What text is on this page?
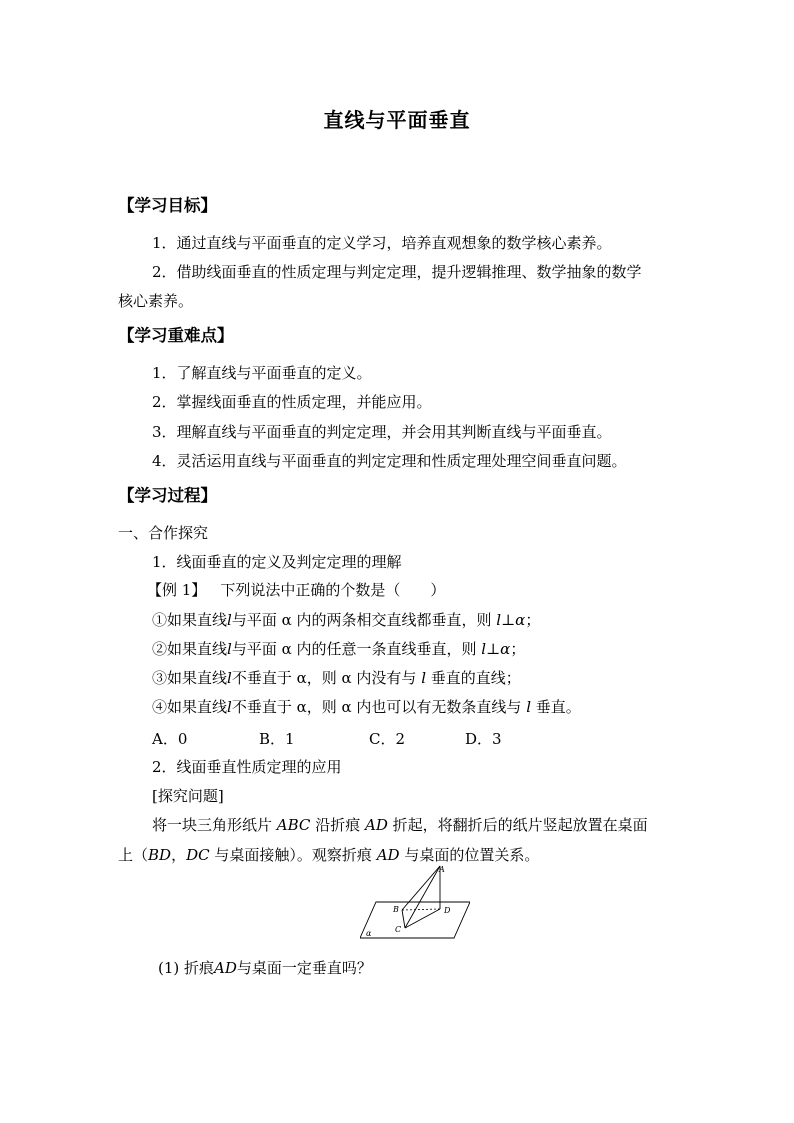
直线与平面垂直
【学习目标】
1．通过直线与平面垂直的定义学习，培养直观想象的数学核心素养。
2．借助线面垂直的性质定理与判定定理，提升逻辑推理、数学抽象的数学
核心素养。
【学习重难点】
1．了解直线与平面垂直的定义。
2．掌握线面垂直的性质定理，并能应用。
3．理解直线与平面垂直的判定定理，并会用其判断直线与平面垂直。
4．灵活运用直线与平面垂直的判定定理和性质定理处理空间垂直问题。
【学习过程】
一、合作探究
1．线面垂直的定义及判定定理的理解
【例 1】 下列说法中正确的个数是（　　）
①如果直线l与平面 α 内的两条相交直线都垂直，则 l⊥α；
②如果直线l与平面 α 内的任意一条直线垂直，则 l⊥α；
③如果直线l不垂直于 α，则 α 内没有与 l 垂直的直线；
④如果直线l不垂直于 α，则 α 内也可以有无数条直线与 l 垂直。
A．0	B．1	C．2	D．3
2．线面垂直性质定理的应用
[探究问题]
将一块三角形纸片 ABC 沿折痕 AD 折起，将翻折后的纸片竖起放置在桌面
上（BD，DC 与桌面接触）。观察折痕 AD 与桌面的位置关系。
A
B
C
D
α
(1) 折痕AD与桌面一定垂直吗？
